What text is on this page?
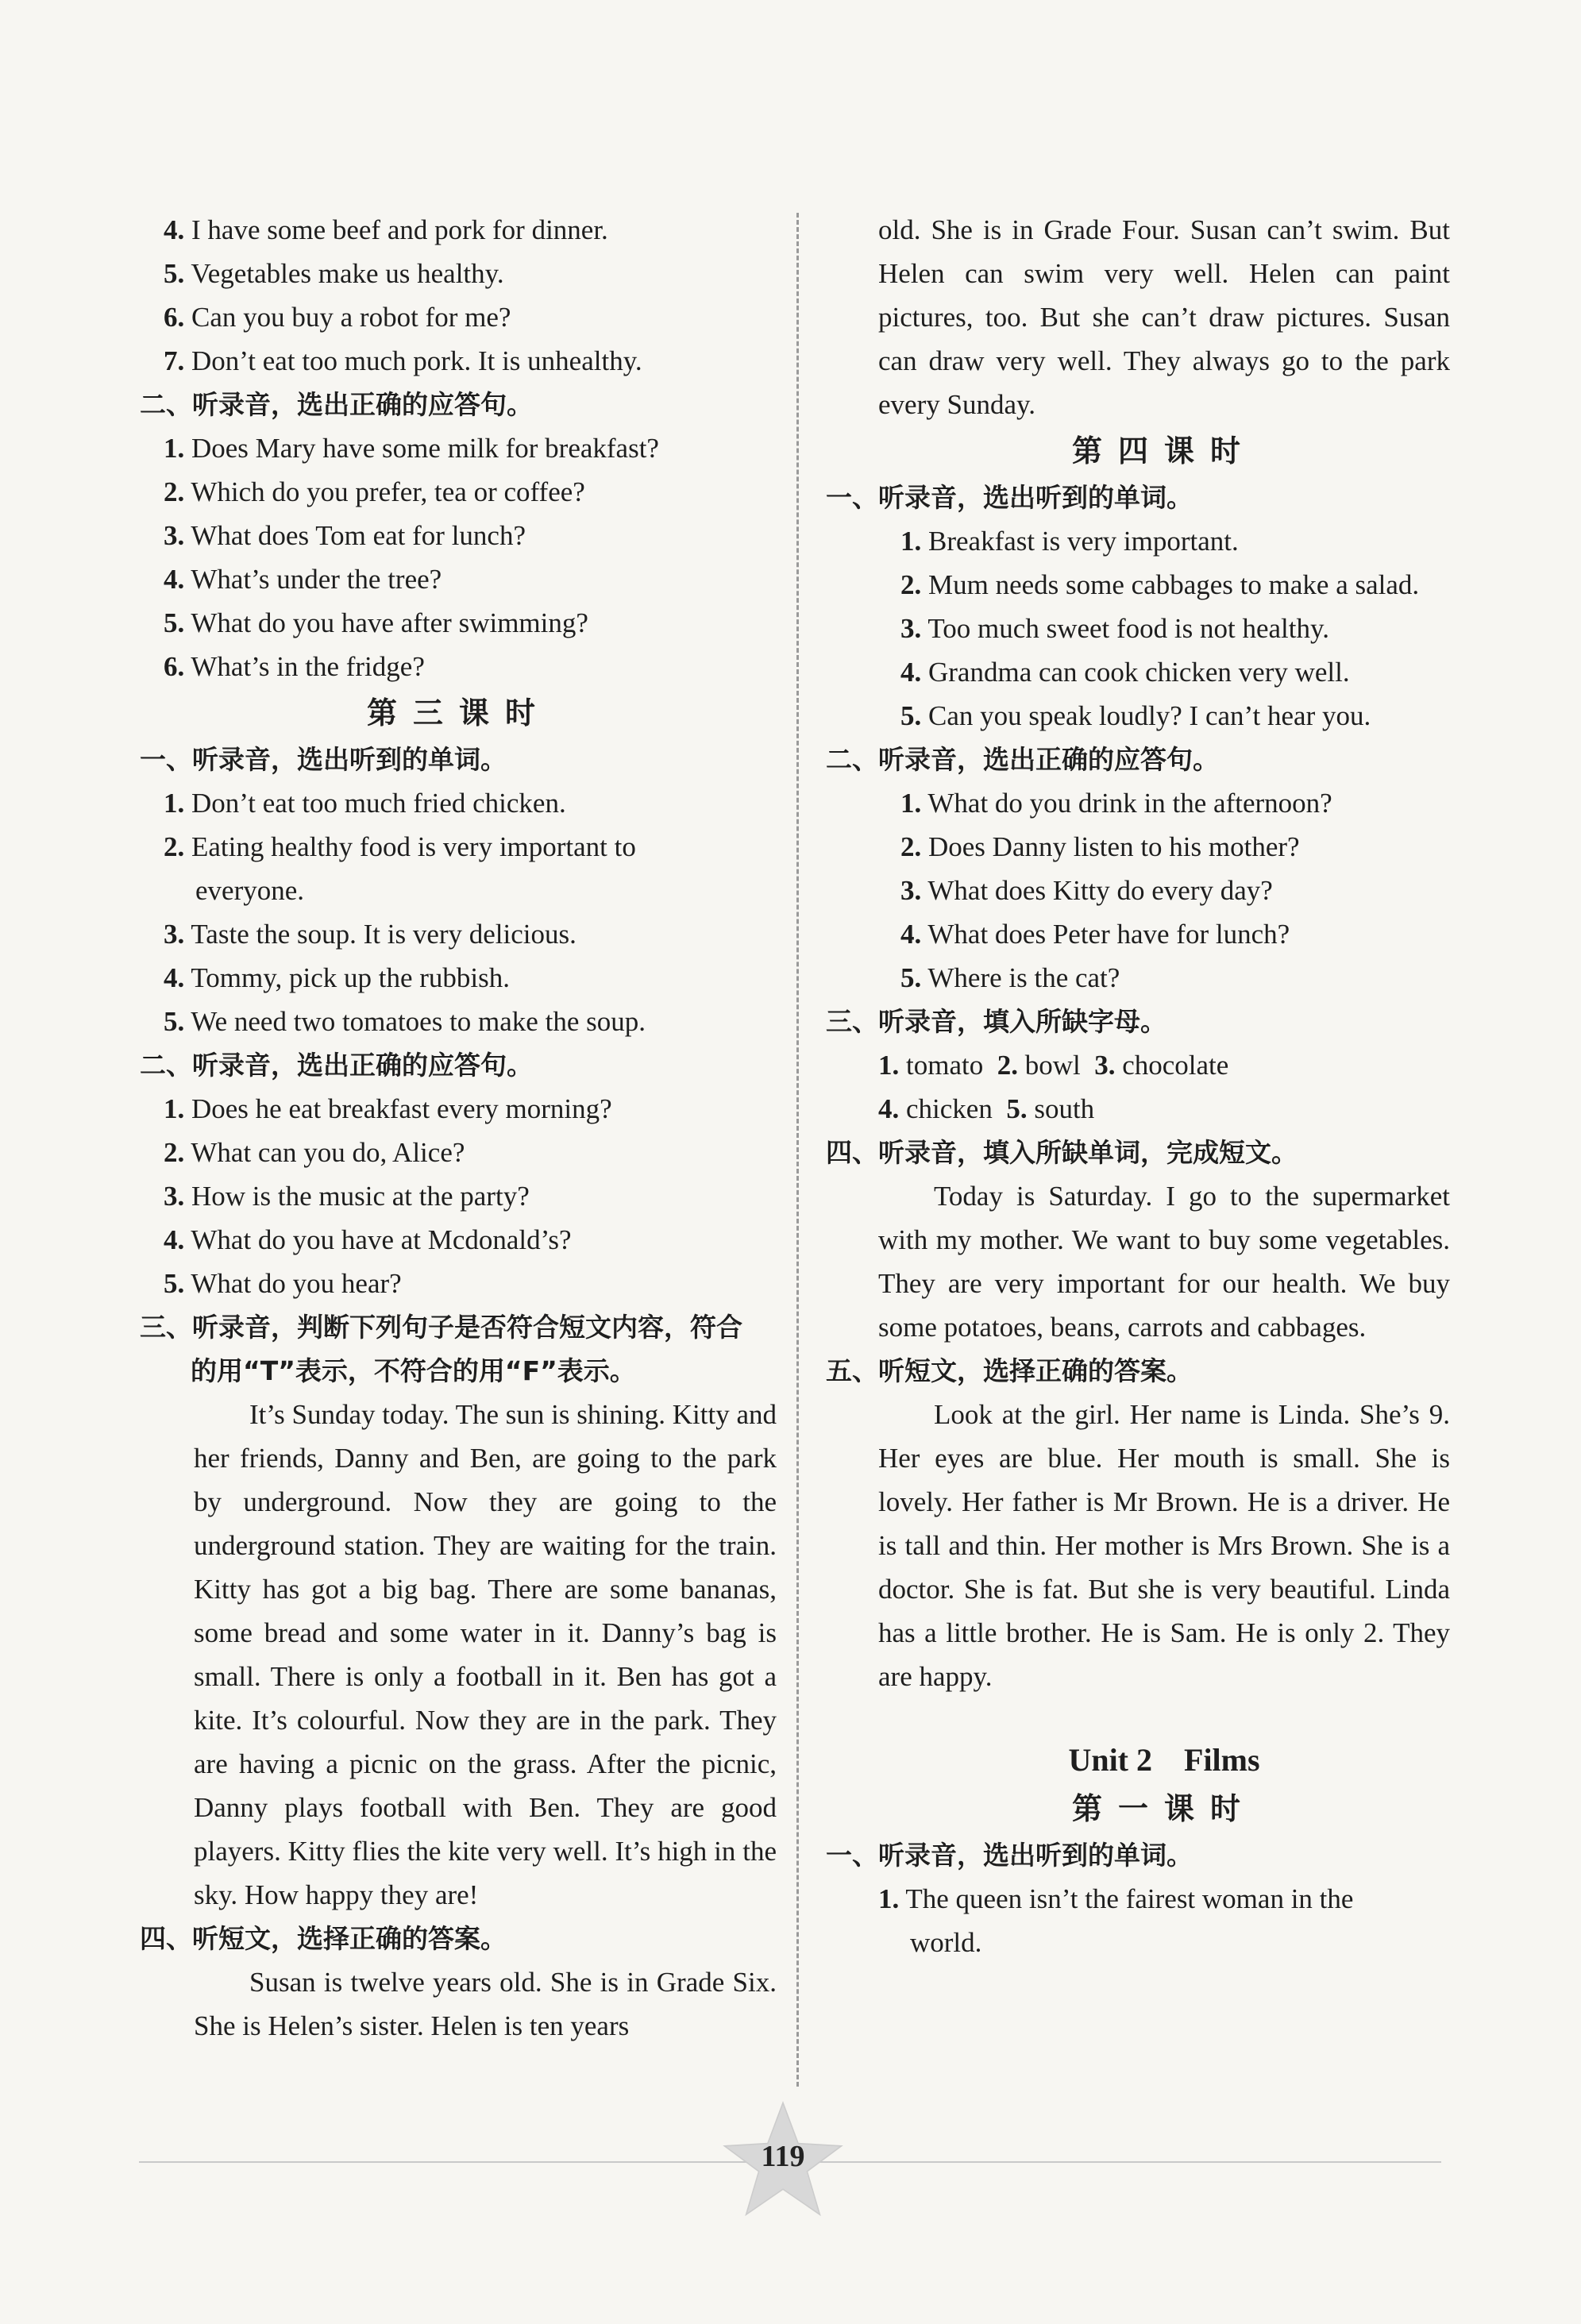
4. I have some beef and pork for dinner.
5. Vegetables make us healthy.
6. Can you buy a robot for me?
7. Don’t eat too much pork. It is unhealthy.
二、听录音，选出正确的应答句。
1. Does Mary have some milk for breakfast?
2. Which do you prefer, tea or coffee?
3. What does Tom eat for lunch?
4. What’s under the tree?
5. What do you have after swimming?
6. What’s in the fridge?
第三课时
一、听录音，选出听到的单词。
1. Don’t eat too much fried chicken.
2. Eating healthy food is very important to
everyone.
3. Taste the soup. It is very delicious.
4. Tommy, pick up the rubbish.
5. We need two tomatoes to make the soup.
二、听录音，选出正确的应答句。
1. Does he eat breakfast every morning?
2. What can you do, Alice?
3. How is the music at the party?
4. What do you have at Mcdonald’s?
5. What do you hear?
三、听录音，判断下列句子是否符合短文内容，符合
的用“T”表示，不符合的用“F”表示。
It’s Sunday today. The sun is shining. Kitty and her friends, Danny and Ben, are going to the park by underground. Now they are going to the underground station. They are waiting for the train. Kitty has got a big bag. There are some bananas, some bread and some water in it. Danny’s bag is small. There is only a football in it. Ben has got a kite. It’s colourful. Now they are in the park. They are having a picnic on the grass. After the picnic, Danny plays football with Ben. They are good players. Kitty flies the kite very well. It’s high in the sky. How happy they are!
四、听短文，选择正确的答案。
Susan is twelve years old. She is in Grade Six. She is Helen’s sister. Helen is ten years
old. She is in Grade Four. Susan can’t swim. But Helen can swim very well. Helen can paint pictures, too. But she can’t draw pictures. Susan can draw very well. They always go to the park every Sunday.
第四课时
一、听录音，选出听到的单词。
1. Breakfast is very important.
2. Mum needs some cabbages to make a salad.
3. Too much sweet food is not healthy.
4. Grandma can cook chicken very well.
5. Can you speak loudly? I can’t hear you.
二、听录音，选出正确的应答句。
1. What do you drink in the afternoon?
2. Does Danny listen to his mother?
3. What does Kitty do every day?
4. What does Peter have for lunch?
5. Where is the cat?
三、听录音，填入所缺字母。
1. tomato 2. bowl 3. chocolate
4. chicken 5. south
四、听录音，填入所缺单词，完成短文。
Today is Saturday. I go to the supermarket with my mother. We want to buy some vegetables. They are very important for our health. We buy some potatoes, beans, carrots and cabbages.
五、听短文，选择正确的答案。
Look at the girl. Her name is Linda. She’s 9. Her eyes are blue. Her mouth is small. She is lovely. Her father is Mr Brown. He is a driver. He is tall and thin. Her mother is Mrs Brown. She is a doctor. She is fat. But she is very beautiful. Linda has a little brother. He is Sam. He is only 2. They are happy.
Unit 2    Films
第一课时
一、听录音，选出听到的单词。
1. The queen isn’t the fairest woman in the
world.
119
